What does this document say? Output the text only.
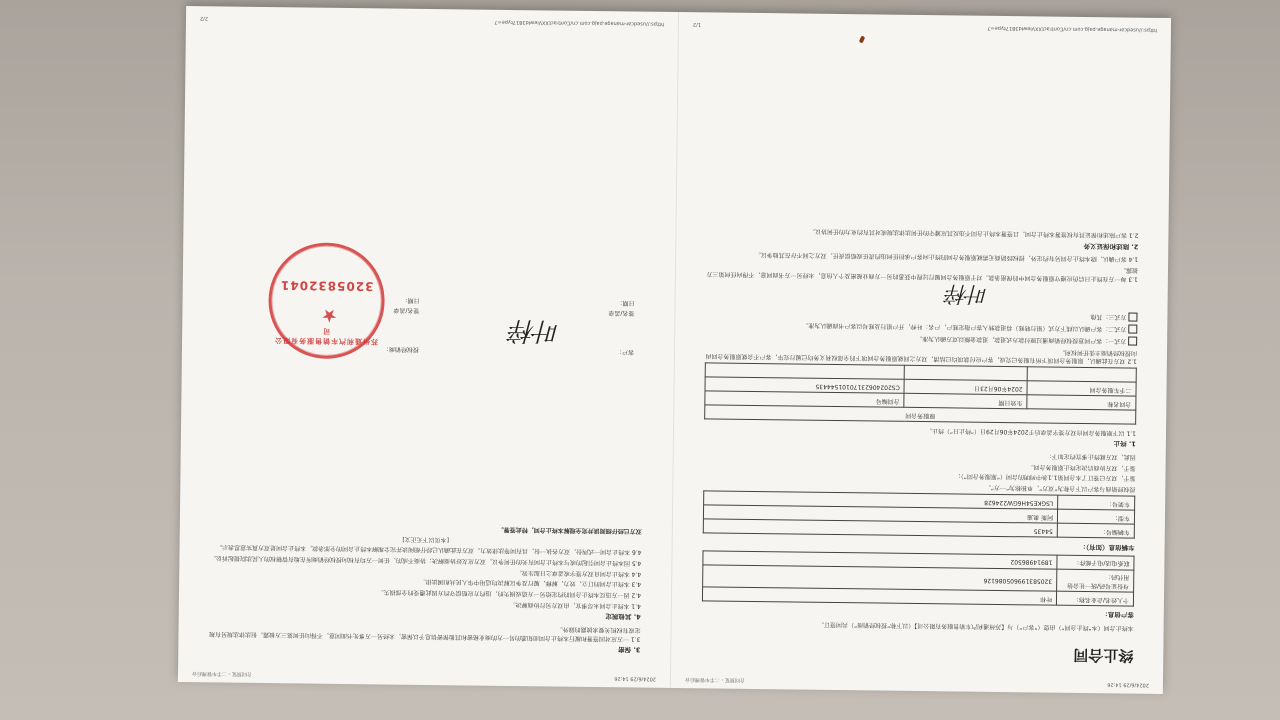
2024/6/29 14:26
合同预览 - 二手车管理后台
终止合同
本终止合同（本“终止合同”）由您（“客户”）与【苏州通利汽车销售服务有限公司】（以下称“授权经销商”）共同签订。
客户信息：
个人姓名/企业名称：	叶梓
身份证号码/统一社会信用代码：	320583199605086126
联系电话/电子邮件：	18914986502
车辆信息（如有）：
车辆编号：	54435
车型：	阿斯 奥迪
车架号：	LSGKE54H6GW224628
授权经销商与客户以下合称为“双方”，单独称为“一方”。
鉴于，双方已签订了本合同第1.1条中列明的合同（“原服务合同”）；
鉴于，双方协商后决定终止原服务合同。
因此，双方就终止事宜约定如下：
1. 终止
1.1 以下原服务合同自双方签字盖章后于2024年06月29日（“终止日”）终止。
原服务合同		
合同名称	生效日期	合同编号
二手车服务合同	2024年06月23日	CS20240623170101544435

1.2 双方在此确认，原服务合同项下所有服务已完成，客户应付款项均已结清，双方之间就原服务合同项下的全部权利义务均已履行完毕，客户不会就原服务合同再向授权经销商主张任何权利。
方式一：客户同意授权经销商通过原付款方式退款，退款金额以双方确认为准。
方式二：客户确认以线下方式（银行转账）将退款转入客户指定账户，户名：叶梓，开户银行及账号以客户书面确认为准。
方式三：其他
叶梓
1.3 每一方在终止日后仍应遵守原服务合同中的保密条款。对于原服务合同履行过程中获悉的另一方商业秘密及个人信息，未经另一方书面同意，不得向任何第三方披露。
1.4 客户确认，除本终止合同另有约定外，授权经销商无需就原服务合同的终止向客户承担任何违约责任或赔偿责任，双方之间不存在其他争议。
2. 陈述和保证义务
2.1 客户陈述和保证其有权签署本终止合同，且签署本终止合同不违反其应遵守的任何法律法规或对其有约束力的任何协议。
https://usedcar-manage.pajg.com.cn/ContractXXViewId3817type=7
1/2
2024/6/29 14:26
合同预览 - 二手车管理后台
3. 保密
3.1 一方应对因签署和履行本终止合同而知悉的另一方的商业秘密和其他保密信息予以保密，未经另一方事先书面同意，不得向任何第三方披露。但法律法规另有规定或有权机关要求披露的除外。
4. 其他规定
4.1 本终止合同未尽事宜，由双方另行协商解决。
4.2 因一方违反本终止合同的约定给另一方造成损失的，违约方应赔偿守约方因此遭受的全部损失。
4.3 本终止合同的订立、效力、解释、履行及争议解决均适用中华人民共和国法律。
4.4 本终止合同自双方签字或盖章之日起生效。
4.5 因本终止合同引起的或与本终止合同有关的任何争议，双方应友好协商解决；协商不成的，任何一方均有权向授权经销商所在地有管辖权的人民法院提起诉讼。
4.6 本终止合同一式两份，双方各执一份，具有同等法律效力。双方在此确认已经仔细阅读并完全理解本终止合同的全部条款，本终止合同是双方真实意思表示。
[本页以下无正文]
双方已经仔细阅读并完全理解本终止合同，特此签署。
客户：
签名/盖章
日期：
叶梓
授权经销商：
签名/盖章
日期：
苏州通利汽车销售服务有限公司
★
3205832041
https://usedcar-manage.pajg.com.cn/ContractXXViewId3817type=7
2/2
